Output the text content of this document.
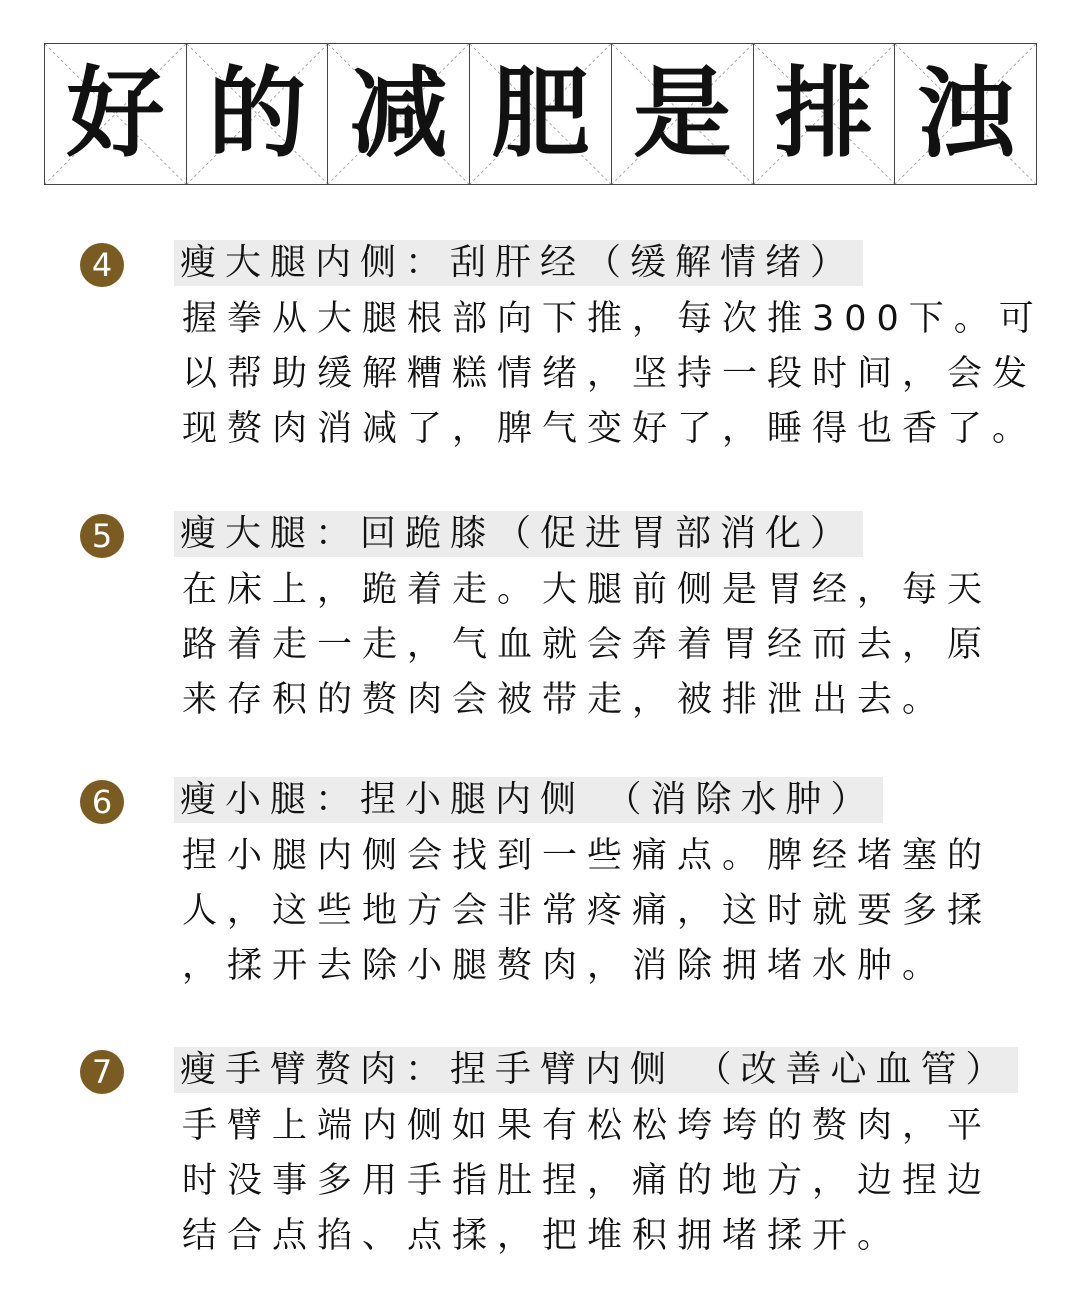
好 的 减 肥 是 排 浊
4	瘦大腿内侧：刮肝经（缓解情绪）
握拳从大腿根部向下推，每次推300下。可
以帮助缓解糟糕情绪，坚持一段时间，会发
现赘肉消减了，脾气变好了，睡得也香了。
5	瘦大腿：回跪膝（促进胃部消化）
在床上，跪着走。大腿前侧是胃经，每天
路着走一走，气血就会奔着胃经而去，原
来存积的赘肉会被带走，被排泄出去。
6	瘦小腿：捏小腿内侧 （消除水肿）
捏小腿内侧会找到一些痛点。脾经堵塞的
人，这些地方会非常疼痛，这时就要多揉
，揉开去除小腿赘肉，消除拥堵水肿。
7	瘦手臂赘肉：捏手臂内侧 （改善心血管）
手臂上端内侧如果有松松垮垮的赘肉，平
时没事多用手指肚捏，痛的地方，边捏边
结合点掐、点揉，把堆积拥堵揉开。
